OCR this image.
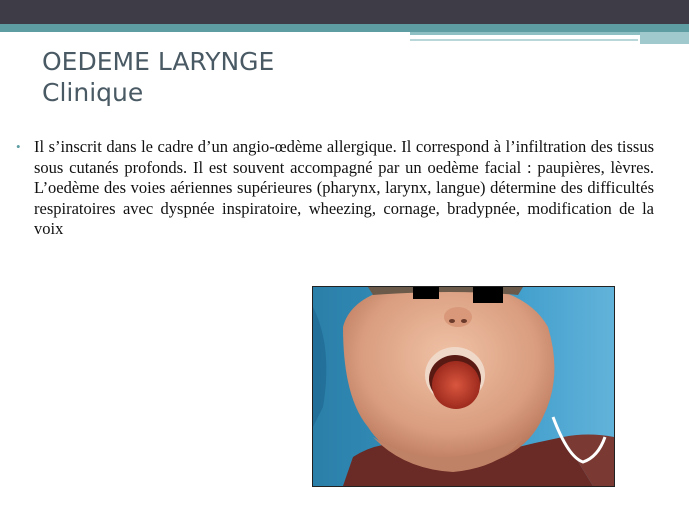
OEDEME LARYNGE
Clinique
• Il s’inscrit dans le cadre d’un angio-œdème allergique. Il correspond à l’infiltration des tissus sous cutanés profonds. Il est souvent accompagné par un oedème facial : paupières, lèvres. L’oedème des voies aériennes supérieures (pharynx, larynx, langue) détermine des difficultés respiratoires avec dyspnée inspiratoire, wheezing, cornage, bradypnée, modification de la voix
